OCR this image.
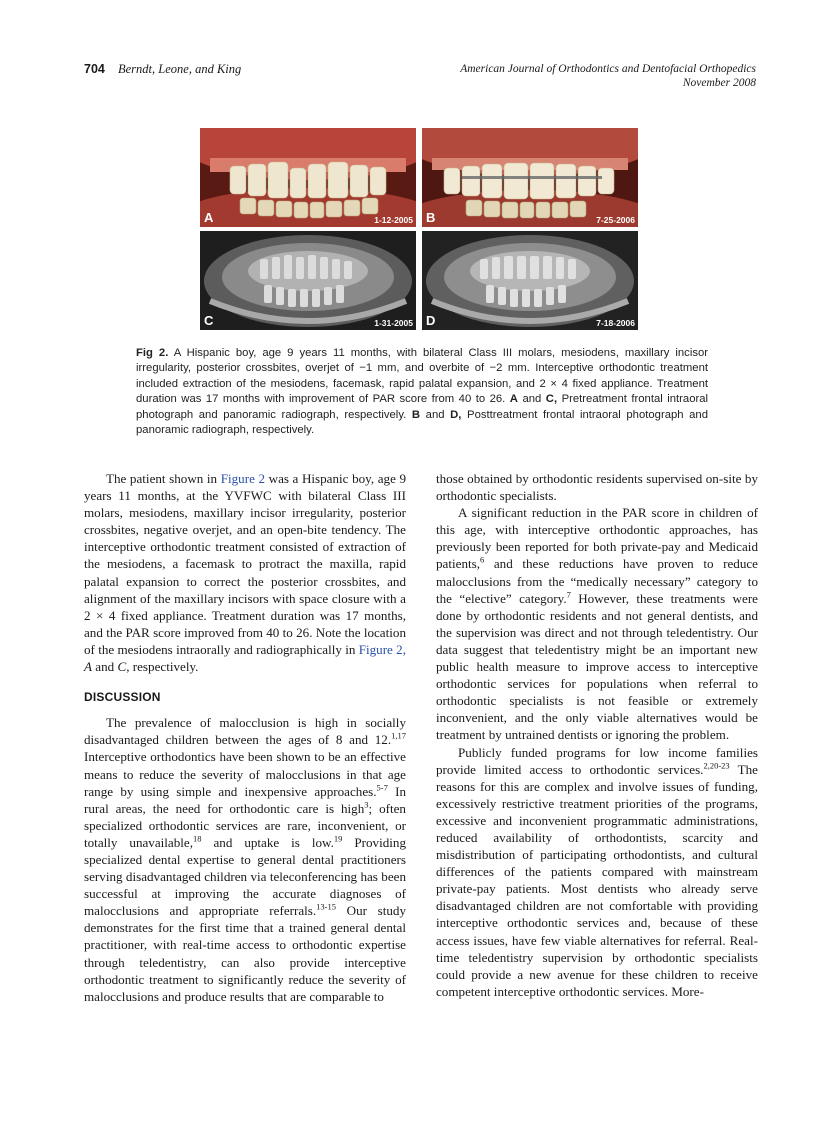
704 Berndt, Leone, and King	American Journal of Orthodontics and Dentofacial Orthopedics
November 2008
A	1-12-2005 B	7-25-2006
C	1-31-2005 D	7-18-2006
Fig 2. A Hispanic boy, age 9 years 11 months, with bilateral Class III molars, mesiodens, maxillary incisor irregularity, posterior crossbites, overjet of −1 mm, and overbite of −2 mm. Interceptive orthodontic treatment included extraction of the mesiodens, facemask, rapid palatal expansion, and 2 × 4 fixed appliance. Treatment duration was 17 months with improvement of PAR score from 40 to 26. A and C, Pretreatment frontal intraoral photograph and panoramic radiograph, respectively. B and D, Posttreatment frontal intraoral photograph and panoramic radiograph, respectively.

The patient shown in Figure 2 was a Hispanic boy, age 9 years 11 months, at the YVFWC with bilateral Class III molars, mesiodens, maxillary incisor irregularity, posterior crossbites, negative overjet, and an open-bite tendency. The interceptive orthodontic treatment consisted of extraction of the mesiodens, a facemask to protract the maxilla, rapid palatal expansion to correct the posterior crossbites, and alignment of the maxillary incisors with space closure with a 2 × 4 fixed appliance. Treatment duration was 17 months, and the PAR score improved from 40 to 26. Note the location of the mesiodens intraorally and radiographically in Figure 2, A and C, respectively.

DISCUSSION

The prevalence of malocclusion is high in socially disadvantaged children between the ages of 8 and 12.$^{1,17}$ Interceptive orthodontics have been shown to be an effective means to reduce the severity of malocclusions in that age range by using simple and inexpensive approaches.$^{5-7}$ In rural areas, the need for orthodontic care is high$^3$; often specialized orthodontic services are rare, inconvenient, or totally unavailable,$^{18}$ and uptake is low.$^{19}$ Providing specialized dental expertise to general dental practitioners serving disadvantaged children via teleconferencing has been successful at improving the accurate diagnoses of malocclusions and appropriate referrals.$^{13-15}$ Our study demonstrates for the first time that a trained general dental practitioner, with real-time access to orthodontic expertise through teledentistry, can also provide interceptive orthodontic treatment to significantly reduce the severity of malocclusions and produce results that are comparable to

those obtained by orthodontic residents supervised on-site by orthodontic specialists.

A significant reduction in the PAR score in children of this age, with interceptive orthodontic approaches, has previously been reported for both private-pay and Medicaid patients,$^6$ and these reductions have proven to reduce malocclusions from the “medically necessary” category to the “elective” category.$^7$ However, these treatments were done by orthodontic residents and not general dentists, and the supervision was direct and not through teledentistry. Our data suggest that teledentistry might be an important new public health measure to improve access to interceptive orthodontic services for populations when referral to orthodontic specialists is not feasible or extremely inconvenient, and the only viable alternatives would be treatment by untrained dentists or ignoring the problem.

Publicly funded programs for low income families provide limited access to orthodontic services.$^{2,20-23}$ The reasons for this are complex and involve issues of funding, excessively restrictive treatment priorities of the programs, excessive and inconvenient programmatic administrations, reduced availability of orthodontists, scarcity and misdistribution of participating orthodontists, and cultural differences of the patients compared with mainstream private-pay patients. Most dentists who already serve disadvantaged children are not comfortable with providing interceptive orthodontic services and, because of these access issues, have few viable alternatives for referral. Real-time teledentistry supervision by orthodontic specialists could provide a new avenue for these children to receive competent interceptive orthodontic services. More-
